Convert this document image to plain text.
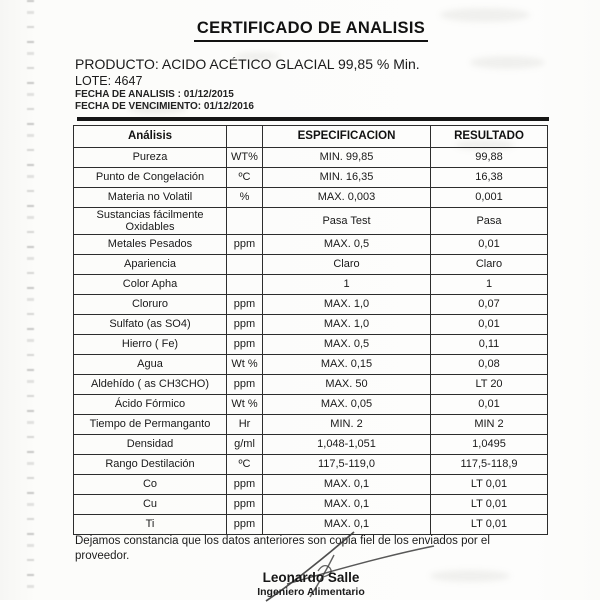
CERTIFICADO DE ANALISIS
PRODUCTO: ACIDO ACÉTICO GLACIAL 99,85 % Min.
LOTE: 4647
FECHA DE ANALISIS : 01/12/2015
FECHA DE VENCIMIENTO: 01/12/2016
Análisis		ESPECIFICACION	RESULTADO
Pureza	WT%	MIN. 99,85	99,88
Punto de Congelación	ºC	MIN. 16,35	16,38
Materia no Volatil	%	MAX. 0,003	0,001
Sustancias fácilmente Oxidables		Pasa Test	Pasa
Metales Pesados	ppm	MAX. 0,5	0,01
Apariencia		Claro	Claro
Color Apha		1	1
Cloruro	ppm	MAX. 1,0	0,07
Sulfato (as SO4)	ppm	MAX. 1,0	0,01
Hierro ( Fe)	ppm	MAX. 0,5	0,11
Agua	Wt %	MAX. 0,15	0,08
Aldehído ( as CH3CHO)	ppm	MAX. 50	LT 20
Ácido Fórmico	Wt %	MAX. 0,05	0,01
Tiempo de Permanganto	Hr	MIN. 2	MIN 2
Densidad	g/ml	1,048-1,051	1,0495
Rango Destilación	ºC	117,5-119,0	117,5-118,9
Co	ppm	MAX. 0,1	LT 0,01
Cu	ppm	MAX. 0,1	LT 0,01
Ti	ppm	MAX. 0,1	LT 0,01
Dejamos constancia que los datos anteriores son copia fiel de los enviados por el
proveedor.
Leonardo Salle
Ingeniero Alimentario
